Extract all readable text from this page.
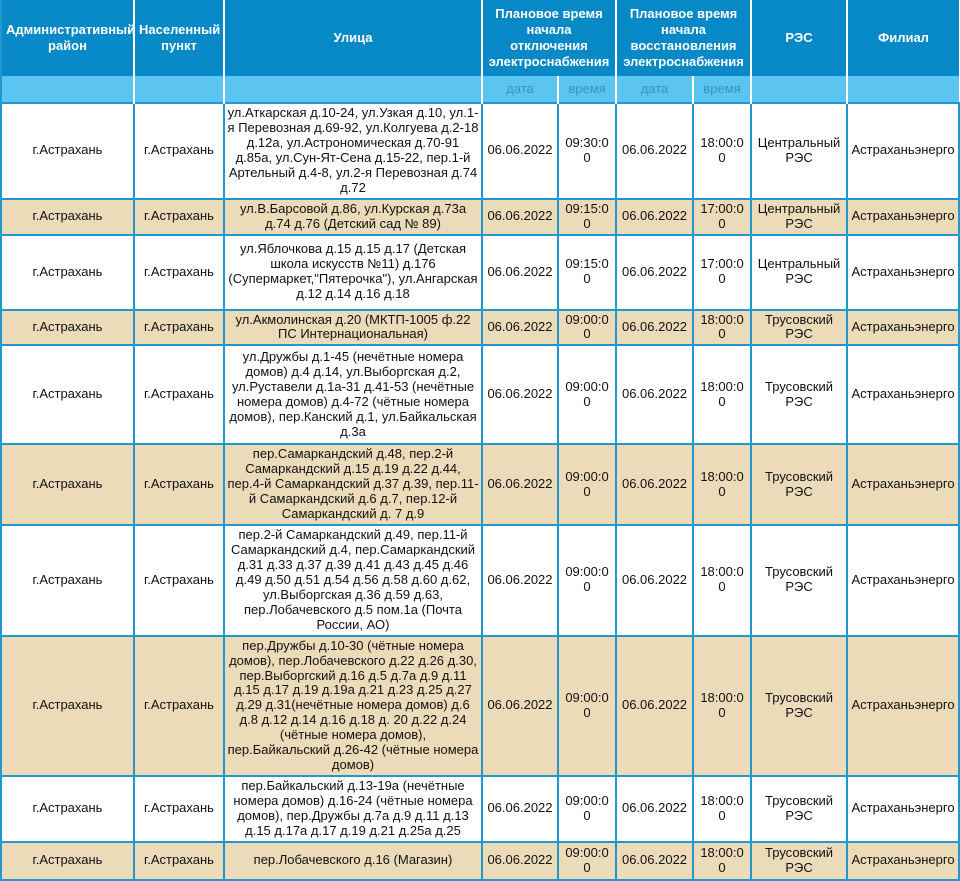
Административный район	Населенный пункт	Улица	Плановое время начала отключения электроснабжения		Плановое время начала восстановления электроснабжения		РЭС	Филиал
			дата	время	дата	время		
г.Астрахань	г.Астрахань	ул.Аткарская д.10-24, ул.Узкая д.10, ул.1-я Перевозная д.69-92, ул.Колгуева д.2-18 д.12а, ул.Астрономическая д.70-91 д.85а, ул.Сун-Ят-Сена д.15-22, пер.1-й Артельный д.4-8, ул.2-я Перевозная д.74 д.72	06.06.2022	09:30:00	06.06.2022	18:00:00	Центральный РЭС	Астраханьэнерго
г.Астрахань	г.Астрахань	ул.В.Барсовой д.86, ул.Курская д.73а д.74 д.76 (Детский сад № 89)	06.06.2022	09:15:00	06.06.2022	17:00:00	Центральный РЭС	Астраханьэнерго
г.Астрахань	г.Астрахань	ул.Яблочкова д.15 д.15 д.17 (Детская школа искусств №11) д.176 (Супермаркет,"Пятерочка"), ул.Ангарская д.12 д.14 д.16 д.18	06.06.2022	09:15:00	06.06.2022	17:00:00	Центральный РЭС	Астраханьэнерго
г.Астрахань	г.Астрахань	ул.Акмолинская д.20 (МКТП-1005 ф.22 ПС Интернациональная)	06.06.2022	09:00:00	06.06.2022	18:00:00	Трусовский РЭС	Астраханьэнерго
г.Астрахань	г.Астрахань	ул.Дружбы д.1-45 (нечётные номера домов) д.4 д.14, ул.Выборгская д.2, ул.Руставели д.1а-31 д.41-53 (нечётные номера домов) д.4-72 (чётные номера домов), пер.Канский д.1, ул.Байкальская д.3а	06.06.2022	09:00:00	06.06.2022	18:00:00	Трусовский РЭС	Астраханьэнерго
г.Астрахань	г.Астрахань	пер.Самаркандский д.48, пер.2-й Самаркандский д.15 д.19 д.22 д.44, пер.4-й Самаркандский д.37 д.39, пер.11-й Самаркандский д.6 д.7, пер.12-й Самаркандский д. 7 д.9	06.06.2022	09:00:00	06.06.2022	18:00:00	Трусовский РЭС	Астраханьэнерго
г.Астрахань	г.Астрахань	пер.2-й Самаркандский д.49, пер.11-й Самаркандский д.4, пер.Самаркандский д.31 д.33 д.37 д.39 д.41 д.43 д.45 д.46 д.49 д.50 д.51 д.54 д.56 д.58 д.60 д.62, ул.Выборгская д.36 д.59 д.63, пер.Лобачевского д.5 пом.1а (Почта России, АО)	06.06.2022	09:00:00	06.06.2022	18:00:00	Трусовский РЭС	Астраханьэнерго
г.Астрахань	г.Астрахань	пер.Дружбы д.10-30 (чётные номера домов), пер.Лобачевского д.22 д.26 д.30, пер.Выборгский д.16 д.5 д.7а д.9 д.11 д.15 д.17 д.19 д.19а д.21 д.23 д.25 д.27 д.29 д.31(нечётные номера домов) д.6 д.8 д.12 д.14 д.16 д.18 д. 20 д.22 д.24 (чётные номера домов), пер.Байкальский д.26-42 (чётные номера домов)	06.06.2022	09:00:00	06.06.2022	18:00:00	Трусовский РЭС	Астраханьэнерго
г.Астрахань	г.Астрахань	пер.Байкальский д.13-19а (нечётные номера домов) д.16-24 (чётные номера домов), пер.Дружбы д.7а д.9 д.11 д.13 д.15 д.17а д.17 д.19 д.21 д.25а д.25	06.06.2022	09:00:00	06.06.2022	18:00:00	Трусовский РЭС	Астраханьэнерго
г.Астрахань	г.Астрахань	пер.Лобачевского д.16 (Магазин)	06.06.2022	09:00:00	06.06.2022	18:00:00	Трусовский РЭС	Астраханьэнерго
